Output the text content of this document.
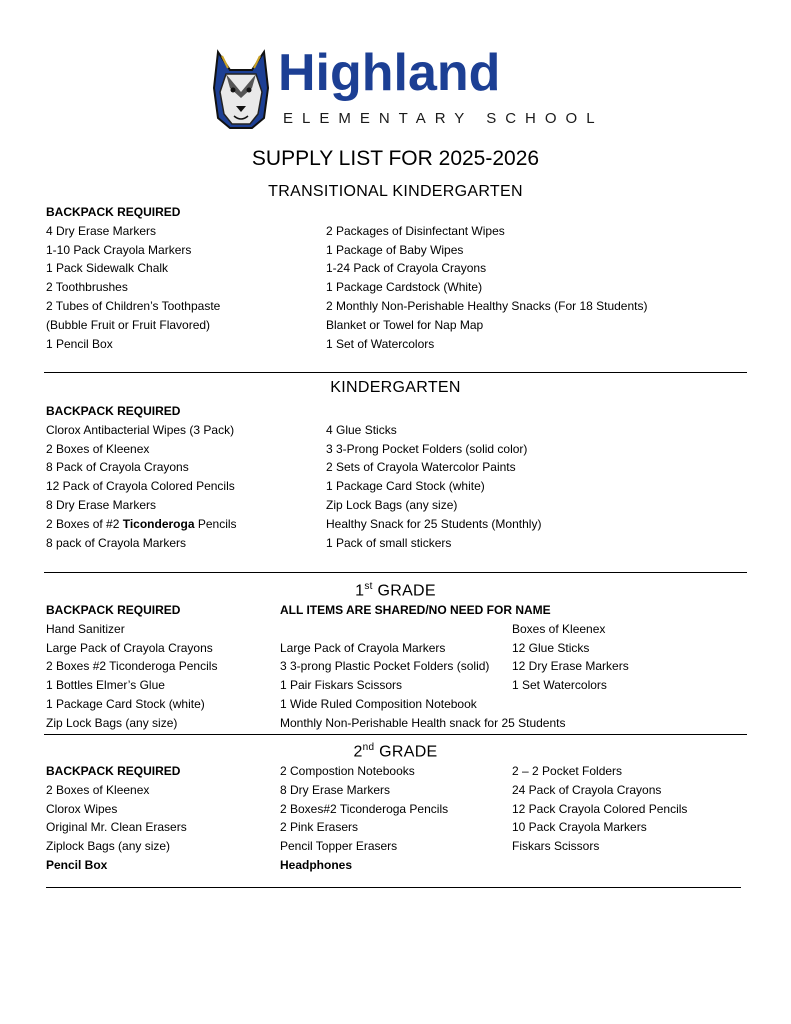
Highland
ELEMENTARY SCHOOL
SUPPLY LIST FOR 2025-2026
TRANSITIONAL KINDERGARTEN
BACKPACK REQUIRED
4 Dry Erase Markers
1-10 Pack Crayola Markers
1 Pack Sidewalk Chalk
2 Toothbrushes
2 Tubes of Children’s Toothpaste
(Bubble Fruit or Fruit Flavored)
1 Pencil Box
2 Packages of Disinfectant Wipes
1 Package of Baby Wipes
1-24 Pack of Crayola Crayons
1 Package Cardstock (White)
2 Monthly Non-Perishable Healthy Snacks (For 18 Students)
Blanket or Towel for Nap Map
1 Set of Watercolors
KINDERGARTEN
BACKPACK REQUIRED
Clorox Antibacterial Wipes (3 Pack)
2 Boxes of Kleenex
8 Pack of Crayola Crayons
12 Pack of Crayola Colored Pencils
8 Dry Erase Markers
2 Boxes of #2 Ticonderoga Pencils
8 pack of Crayola Markers
4 Glue Sticks
3 3-Prong Pocket Folders (solid color)
2 Sets of Crayola Watercolor Paints
1 Package Card Stock (white)
Zip Lock Bags (any size)
Healthy Snack for 25 Students (Monthly)
1 Pack of small stickers
1st GRADE
BACKPACK REQUIRED
Hand Sanitizer
Large Pack of Crayola Crayons
2 Boxes #2 Ticonderoga Pencils
1 Bottles Elmer’s Glue
1 Package Card Stock (white)
Zip Lock Bags (any size)
ALL ITEMS ARE SHARED/NO NEED FOR NAME
Large Pack of Crayola Markers
3 3-prong Plastic Pocket Folders (solid)
1 Pair Fiskars Scissors
1 Wide Ruled Composition Notebook
Monthly Non-Perishable Health snack for 25 Students
Boxes of Kleenex
12 Glue Sticks
12 Dry Erase Markers
1 Set Watercolors
2nd GRADE
BACKPACK REQUIRED
2 Boxes of Kleenex
Clorox Wipes
Original Mr. Clean Erasers
Ziplock Bags (any size)
Pencil Box
2 Compostion Notebooks
8 Dry Erase Markers
2 Boxes#2 Ticonderoga Pencils
2 Pink Erasers
Pencil Topper Erasers
Headphones
2 – 2 Pocket Folders
24 Pack of Crayola Crayons
12 Pack Crayola Colored Pencils
10 Pack Crayola Markers
Fiskars Scissors
